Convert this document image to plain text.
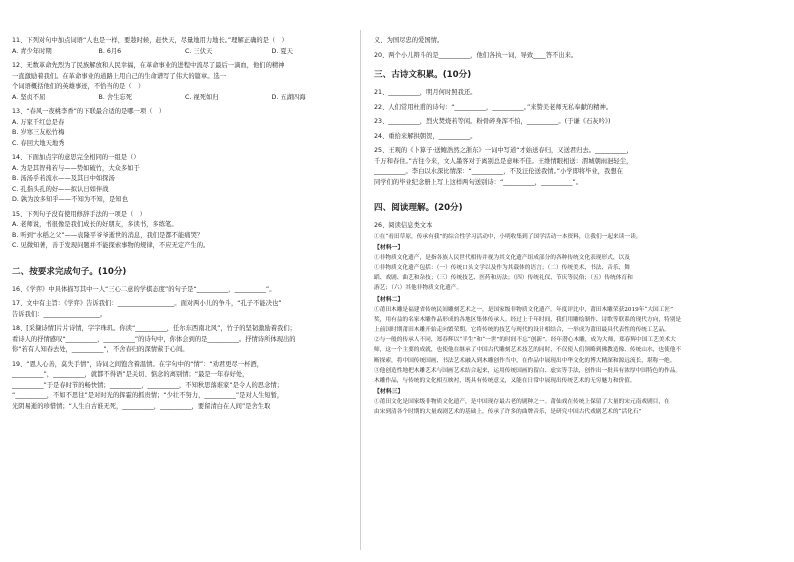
11、下列对句中加点词语“人也是一样，要趁时候，赶快天，尽量地用力地长。”理解正确的是（　）
A. 青少年时期	B. 6月6	C. 三伏天	D. 夏天
12、无数革命先烈为了民族解放和人民幸福，在革命事业的进程中流尽了最后一滴血，他们的精神
一直激励着我们。在革命事业的道路上用自己的生命谱写了伟大的篇章。选一
个词语概括他们的英雄事迹，不恰当的是（　）
A. 坚贞不屈	B. 舍生忘死	C. 视死如归	D. 五湖四海
13、“春风一夜桃李香”的下联最合适的是哪一项（　）
A. 万家千红总是春
B. 岁寒三友松竹梅
C. 春回大地天地秀
14、下面加点字的意思完全相同的一组是（）
A. 为是其智弗若与——势如破竹，大众多如于
B. 汤汤乎若流水——及其日中如探汤
C. 孔指头孔的好——拟认日如伴战
D. 孰为汝多知乎——不知为不知，是知也
15、下列句子没有使用修辞手法的一项是（　）
A. 老师说，书很像是我们成长的好朋友，多读书，多练笔。
B. 听到“水稻之父”——袁隆平爷爷逝世的消息，我们是都不能痛哭？
C. 见微知著，善于发现问题并不能探索事物的规律，不应无定产生的。
二、按要求完成句子。(10分)
16、《学弈》中具体描写其中一人“三心二意的学棋态度”的句子是“__________，__________”。
17、文中有主旨：《学弈》告诉我们：__________________。面对两小儿的争斗，“孔子不能决也”
告诉我们：__________________。
18、[采撷诗情]片片诗情，字字珠玑。你读“__________，任尔东西南北风”，竹子的坚韧激励着我们；
看诗人的抒情感叹“__________，__________”的诗句中，你体会到的是__________。抒情诗所体现出的
你“若有人知春去处，__________”，不舍春归的深情萦于心间。
19、“恩人心善，莫失手情”，诗词之间饱含着温情。在字句中的“情”：“劝君更尽一杯酒，
__________”，__________，就都不得语”是关切、惦念的离别情；“最是一年春好处，
__________”于是春时节的畅快情；__________，__________，不知秋思落谁家”是令人的思念情；
“__________，不如不思往”是对时光的挥霍的抓贵情；“少壮不努力，__________”是对人生短暂，
光阴易逝的珍惜情；“人生自古谁无死，__________，__________，要留清白在人间”是舍生取
义、为国尽忠的爱国情。
20、两个小儿辩斗的是__________，他们各执一词，导致____答不出来。
三、古诗文积累。(10分)
21、__________，明月何时照我还。
22、人们常用杜甫的诗句：“__________，__________。”来赞美老师无私奉献的精神。
23、__________，烈火焚烧若等闲。粉骨碎身浑不怕，__________。(于谦《石灰吟》)
24、重拾来解拱朝贺，__________。
25、王观的《卜算子·送鲍浩然之浙东》一词中写道“才始送春归，又送君归去。__________，
千万和春住。”古往今来，文人墨客对于离别总是意味不佳。王维情眼相送：渭城朝雨浥轻尘，
__________。李白以水深比情深：“__________，不及汪伦送我情。”小学即将毕业，我想在
同学们的毕业纪念册上写上这样两句送别诗：“__________，__________”。
四、阅读理解。(20分)
26、阅读信息类文本
①在“看田草原，传承有我”的综合性学习活动中，小明收集到了国学活动一本资料，让我们一起来读一读。
【材料一】
①非物质文化遗产，是指各族人民世代相传并视为其文化遗产组成部分的各种传统文化表现形式，以及
①非物质文化遗产包括：（一）传统口头文学以及作为其载体的语言；（二）传统美术、书法、音乐、舞
蹈、戏剧、曲艺和杂技；（三）传统技艺、医药和历法；（四）传统礼仪、节庆等民俗；（五）传统体育和
游艺；（六）其他非物质文化遗产。
【材料二】
①莆田木雕是福建省传统民间雕刻艺术之一，是国家级非物质文化遗产。年度评比中，莆田木雕荣获2019年“大国工匠”
奖，用有益的名家木雕作品形成的各地区集体传承人。经过上千年时间，我们用雕绘制作、诗歌等联系的现代方向，特别是
上前国时期莆田木雕开始走向繁荣期。它将传统的技艺与现代的设计相结合，一举成为莆田最具代表性的传统工艺品。
②与一般的传承人不同，郑春辉以“半生”和“一世”的时间不忘“创新”。经年潜心木雕，成为大师，郑春辉中国工艺美术大
师，这一个主要的成就，也使他在继承了中国古代雕刻艺术技艺的同时，不仅使人们领略到佛教造像、传统山水，也使他不
断探索，将中国传统国画、书法艺术融入到木雕创作当中，在作品中展现出中华文化的博大精深和源远流长，堪称一绝。
③他创造性地把木雕艺术与国画艺术结合起来，运用传统国画的留白、虚实等手法，创作出一批具有浓厚中国特色的作品。
木雕作品，与传统的文化相互映衬，既具有传统意义，又能在日常中展现出传统艺术的无穷魅力和价值。
【材料三】
①莆田文化是国家级非物质文化遗产，是中国现存最古老的剧种之一。莆仙戏在传统上保留了大量的宋元南戏剧目，在
由宋到清各个时期的大量戏剧艺术的基础上，传承了许多的曲牌音乐，是研究中国古代戏剧艺术的“活化石”
